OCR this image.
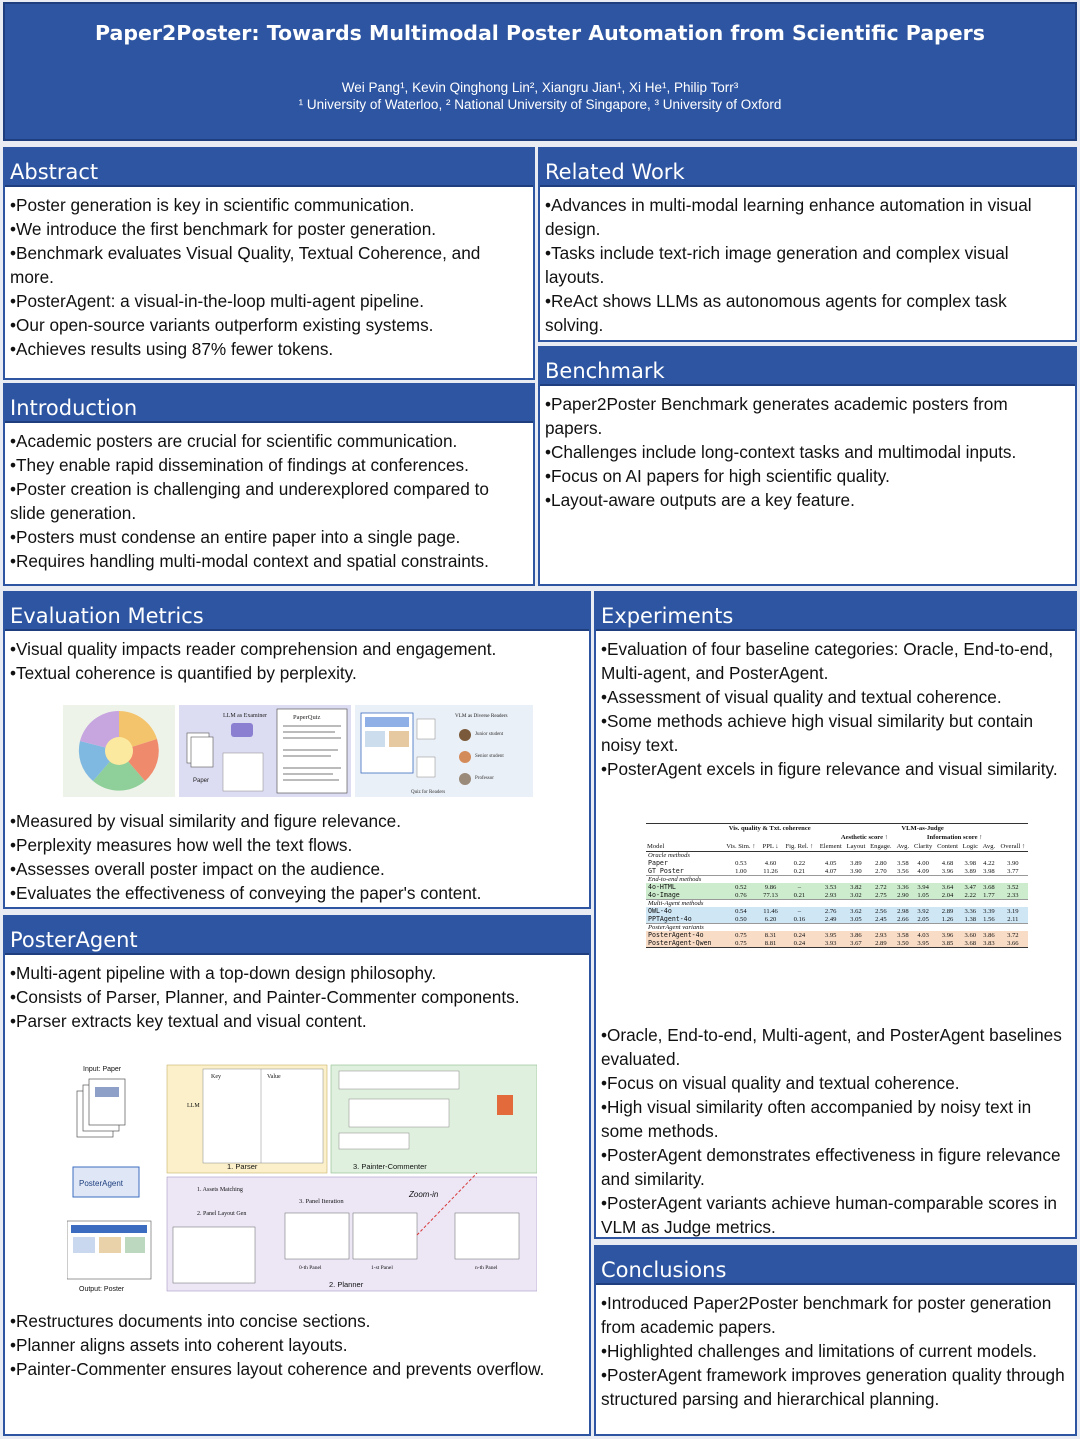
Paper2Poster: Towards Multimodal Poster Automation from Scientific Papers
Wei Pang¹, Kevin Qinghong Lin², Xiangru Jian¹, Xi He¹, Philip Torr³
¹ University of Waterloo, ² National University of Singapore, ³ University of Oxford
Abstract
•Poster generation is key in scientific communication.
•We introduce the first benchmark for poster generation.
•Benchmark evaluates Visual Quality, Textual Coherence, and more.
•PosterAgent: a visual-in-the-loop multi-agent pipeline.
•Our open-source variants outperform existing systems.
•Achieves results using 87% fewer tokens.
Related Work
•Advances in multi-modal learning enhance automation in visual design.
•Tasks include text-rich image generation and complex visual layouts.
•ReAct shows LLMs as autonomous agents for complex task solving.
Introduction
•Academic posters are crucial for scientific communication.
•They enable rapid dissemination of findings at conferences.
•Poster creation is challenging and underexplored compared to slide generation.
•Posters must condense an entire paper into a single page.
•Requires handling multi-modal context and spatial constraints.
Benchmark
•Paper2Poster Benchmark generates academic posters from papers.
•Challenges include long-context tasks and multimodal inputs.
•Focus on AI papers for high scientific quality.
•Layout-aware outputs are a key feature.
Evaluation Metrics
•Visual quality impacts reader comprehension and engagement.
•Textual coherence is quantified by perplexity.
Paper
LLM as Examiner	PaperQuiz	VLM as Diverse Readers
Junior student
Senior student
Professor
Quiz for Readers
•Measured by visual similarity and figure relevance.
•Perplexity measures how well the text flows.
•Assesses overall poster impact on the audience.
•Evaluates the effectiveness of conveying the paper's content.
PosterAgent
•Multi-agent pipeline with a top-down design philosophy.
•Consists of Parser, Planner, and Painter-Commenter components.
•Parser extracts key textual and visual content.
Input: Paper
PosterAgent
Output: Poster
Key	Value
LLM
1. Parser	3. Painter-Commenter
1. Assets Matching
2. Panel Layout Gen
3. Panel Iteration
Zoom-in
0-th Panel	1-st Panel	n-th Panel
2. Planner
•Restructures documents into concise sections.
•Planner aligns assets into coherent layouts.
•Painter-Commenter ensures layout coherence and prevents overflow.
Experiments
•Evaluation of four baseline categories: Oracle, End-to-end, Multi-agent, and PosterAgent.
•Assessment of visual quality and textual coherence.
•Some methods achieve high visual similarity but contain noisy text.
•PosterAgent excels in figure relevance and visual similarity.
	Vis. quality & Txt. coherence			VLM-as-Judge								
				Aesthetic score ↑				Information score ↑				
Model	Vis. Sim. ↑	PPL ↓	Fig. Rel. ↑	Element	Layout	Engage.	Avg.	Clarity	Content	Logic	Avg.	Overall ↑
Oracle methods												
Paper	0.53	4.60	0.22	4.05	3.89	2.80	3.58	4.00	4.68	3.98	4.22	3.90
GT Poster	1.00	11.26	0.21	4.07	3.90	2.70	3.56	4.09	3.96	3.89	3.98	3.77
End-to-end methods												
4o-HTML	0.52	9.86	–	3.53	3.82	2.72	3.36	3.94	3.64	3.47	3.68	3.52
4o-Image	0.76	77.13	0.21	2.93	3.02	2.75	2.90	1.05	2.04	2.22	1.77	2.33
Multi-Agent methods												
OWL-4o	0.54	11.46	–	2.76	3.62	2.56	2.98	3.92	2.89	3.36	3.39	3.19
PPTAgent-4o	0.50	6.20	0.16	2.49	3.05	2.45	2.66	2.05	1.26	1.38	1.56	2.11
PosterAgent variants												
PosterAgent-4o	0.75	8.31	0.24	3.95	3.86	2.93	3.58	4.03	3.96	3.60	3.86	3.72
PosterAgent-Qwen	0.75	8.81	0.24	3.93	3.67	2.89	3.50	3.95	3.85	3.68	3.83	3.66
•Oracle, End-to-end, Multi-agent, and PosterAgent baselines evaluated.
•Focus on visual quality and textual coherence.
•High visual similarity often accompanied by noisy text in some methods.
•PosterAgent demonstrates effectiveness in figure relevance and similarity.
•PosterAgent variants achieve human-comparable scores in VLM as Judge metrics.
Conclusions
•Introduced Paper2Poster benchmark for poster generation from academic papers.
•Highlighted challenges and limitations of current models.
•PosterAgent framework improves generation quality through structured parsing and hierarchical planning.
